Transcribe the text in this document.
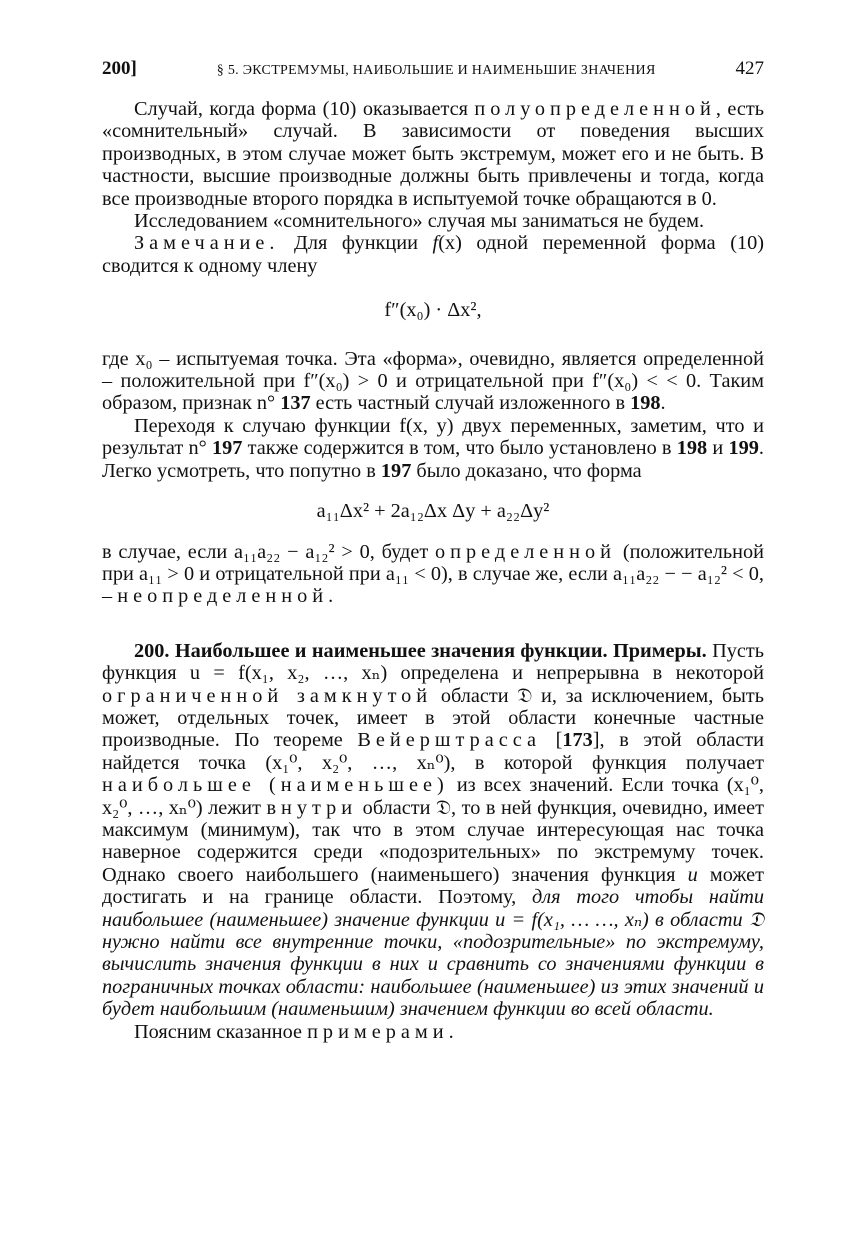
200]	§ 5. ЭКСТРЕМУМЫ, НАИБОЛЬШИЕ И НАИМЕНЬШИЕ ЗНАЧЕНИЯ	427

Случай, когда форма (10) оказывается полуопределенной, есть «сомнительный» случай. В зависимости от поведения высших производных, в этом случае может быть экстремум, может его и не быть. В частности, высшие производные должны быть привлечены и тогда, когда все производные второго порядка в испытуемой точке обращаются в 0.

Исследованием «сомнительного» случая мы заниматься не будем.

Замечание. Для функции f(x) одной переменной форма (10) сводится к одному члену

f″(x₀) · Δx²,

где x₀ – испытуемая точка. Эта «форма», очевидно, является определенной – положительной при f″(x₀) > 0 и отрицательной при f″(x₀) < < 0. Таким образом, признак n° 137 есть частный случай изложенного в 198.

Переходя к случаю функции f(x, y) двух переменных, заметим, что и результат n° 197 также содержится в том, что было установлено в 198 и 199. Легко усмотреть, что попутно в 197 было доказано, что форма

a₁₁Δx² + 2a₁₂Δx Δy + a₂₂Δy²

в случае, если a₁₁a₂₂ − a₁₂² > 0, будет определенной (положительной при a₁₁ > 0 и отрицательной при a₁₁ < 0), в случае же, если a₁₁a₂₂ − − a₁₂² < 0, – неопределенной.

200. Наибольшее и наименьшее значения функции. Примеры. Пусть функция u = f(x₁, x₂, …, xₙ) определена и непрерывна в некоторой ограниченной замкнутой области 𝔇 и, за исключением, быть может, отдельных точек, имеет в этой области конечные частные производные. По теореме Вейерштрасса [173], в этой области найдется точка (x₁⁰, x₂⁰, …, xₙ⁰), в которой функция получает наибольшее (наименьшее) из всех значений. Если точка (x₁⁰, x₂⁰, …, xₙ⁰) лежит внутри области 𝔇, то в ней функция, очевидно, имеет максимум (минимум), так что в этом случае интересующая нас точка наверное содержится среди «подозрительных» по экстремуму точек. Однако своего наибольшего (наименьшего) значения функция u может достигать и на границе области. Поэтому, для того чтобы найти наибольшее (наименьшее) значение функции u = f(x₁, … …, xₙ) в области 𝔇 нужно найти все внутренние точки, «подозрительные» по экстремуму, вычислить значения функции в них и сравнить со значениями функции в пограничных точках области: наибольшее (наименьшее) из этих значений и будет наибольшим (наименьшим) значением функции во всей области.

Поясним сказанное примерами.
